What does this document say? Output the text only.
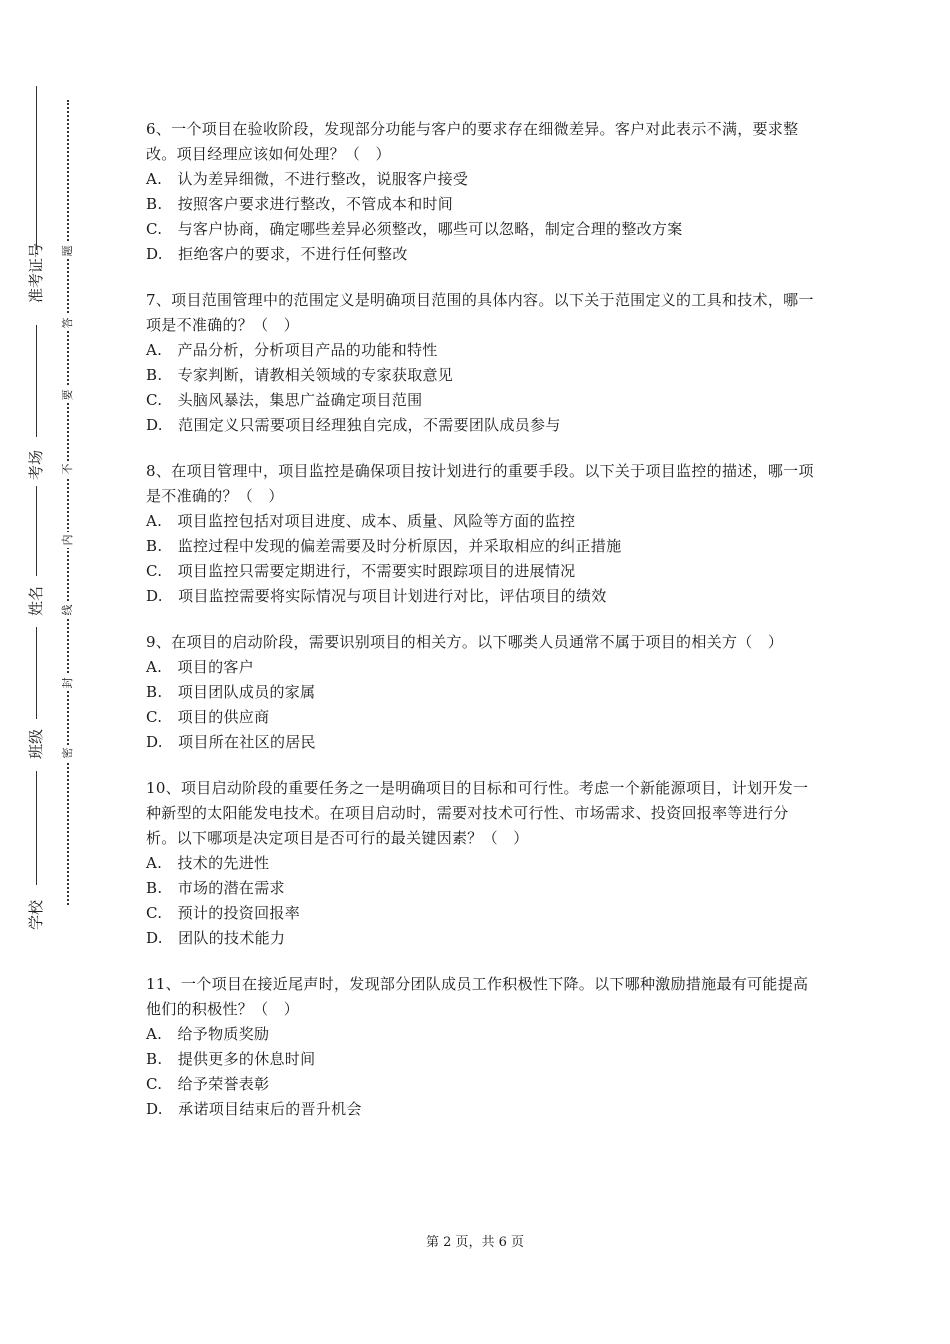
准考证号
考场
姓名
班级
学校
题
答
要
不
内
线
封
密

6、一个项目在验收阶段，发现部分功能与客户的要求存在细微差异。客户对此表示不满，要求整改。项目经理应该如何处理？（　）

A.　认为差异细微，不进行整改，说服客户接受
B.　按照客户要求进行整改，不管成本和时间
C.　与客户协商，确定哪些差异必须整改，哪些可以忽略，制定合理的整改方案
D.　拒绝客户的要求，不进行任何整改

7、项目范围管理中的范围定义是明确项目范围的具体内容。以下关于范围定义的工具和技术，哪一项是不准确的？（　）

A.　产品分析，分析项目产品的功能和特性
B.　专家判断，请教相关领域的专家获取意见
C.　头脑风暴法，集思广益确定项目范围
D.　范围定义只需要项目经理独自完成，不需要团队成员参与

8、在项目管理中，项目监控是确保项目按计划进行的重要手段。以下关于项目监控的描述，哪一项是不准确的？（　）

A.　项目监控包括对项目进度、成本、质量、风险等方面的监控
B.　监控过程中发现的偏差需要及时分析原因，并采取相应的纠正措施
C.　项目监控只需要定期进行，不需要实时跟踪项目的进展情况
D.　项目监控需要将实际情况与项目计划进行对比，评估项目的绩效

9、在项目的启动阶段，需要识别项目的相关方。以下哪类人员通常不属于项目的相关方（　）

A.　项目的客户
B.　项目团队成员的家属
C.　项目的供应商
D.　项目所在社区的居民

10、项目启动阶段的重要任务之一是明确项目的目标和可行性。考虑一个新能源项目，计划开发一种新型的太阳能发电技术。在项目启动时，需要对技术可行性、市场需求、投资回报率等进行分析。以下哪项是决定项目是否可行的最关键因素？（　）

A.　技术的先进性
B.　市场的潜在需求
C.　预计的投资回报率
D.　团队的技术能力

11、一个项目在接近尾声时，发现部分团队成员工作积极性下降。以下哪种激励措施最有可能提高他们的积极性？（　）

A.　给予物质奖励
B.　提供更多的休息时间
C.　给予荣誉表彰
D.　承诺项目结束后的晋升机会
第 2 页，共 6 页
